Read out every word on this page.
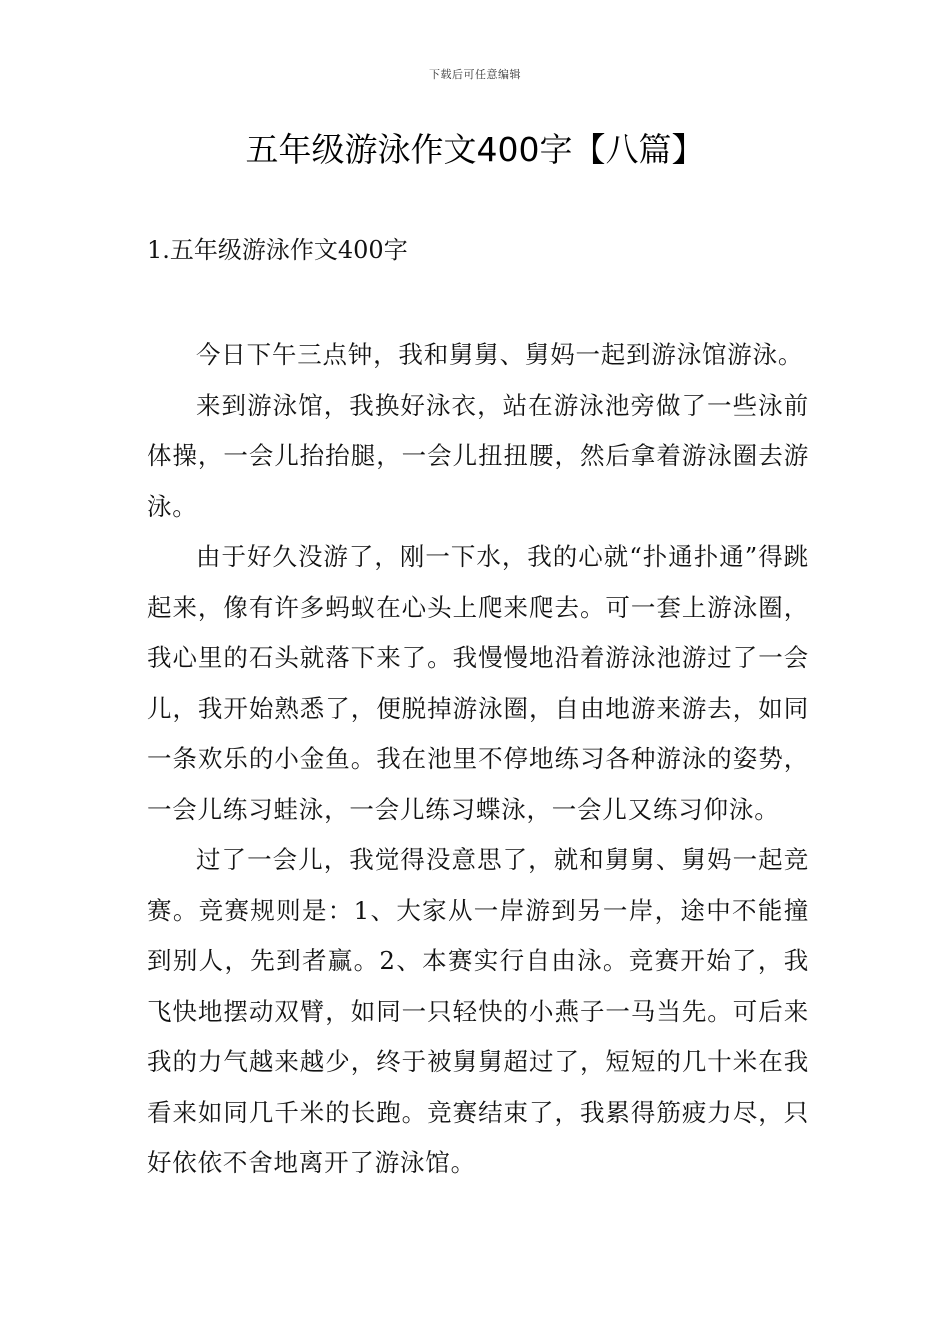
下载后可任意编辑
五年级游泳作文400字【八篇】
1.五年级游泳作文400字

今日下午三点钟，我和舅舅、舅妈一起到游泳馆游泳。

来到游泳馆，我换好泳衣，站在游泳池旁做了一些泳前体操，一会儿抬抬腿，一会儿扭扭腰，然后拿着游泳圈去游泳。

由于好久没游了，刚一下水，我的心就“扑通扑通”得跳起来，像有许多蚂蚁在心头上爬来爬去。可一套上游泳圈，我心里的石头就落下来了。我慢慢地沿着游泳池游过了一会儿，我开始熟悉了，便脱掉游泳圈，自由地游来游去，如同一条欢乐的小金鱼。我在池里不停地练习各种游泳的姿势，一会儿练习蛙泳，一会儿练习蝶泳，一会儿又练习仰泳。

过了一会儿，我觉得没意思了，就和舅舅、舅妈一起竞赛。竞赛规则是：1、大家从一岸游到另一岸，途中不能撞到别人，先到者赢。2、本赛实行自由泳。竞赛开始了，我飞快地摆动双臂，如同一只轻快的小燕子一马当先。可后来我的力气越来越少，终于被舅舅超过了，短短的几十米在我看来如同几千米的长跑。竞赛结束了，我累得筋疲力尽，只好依依不舍地离开了游泳馆。
